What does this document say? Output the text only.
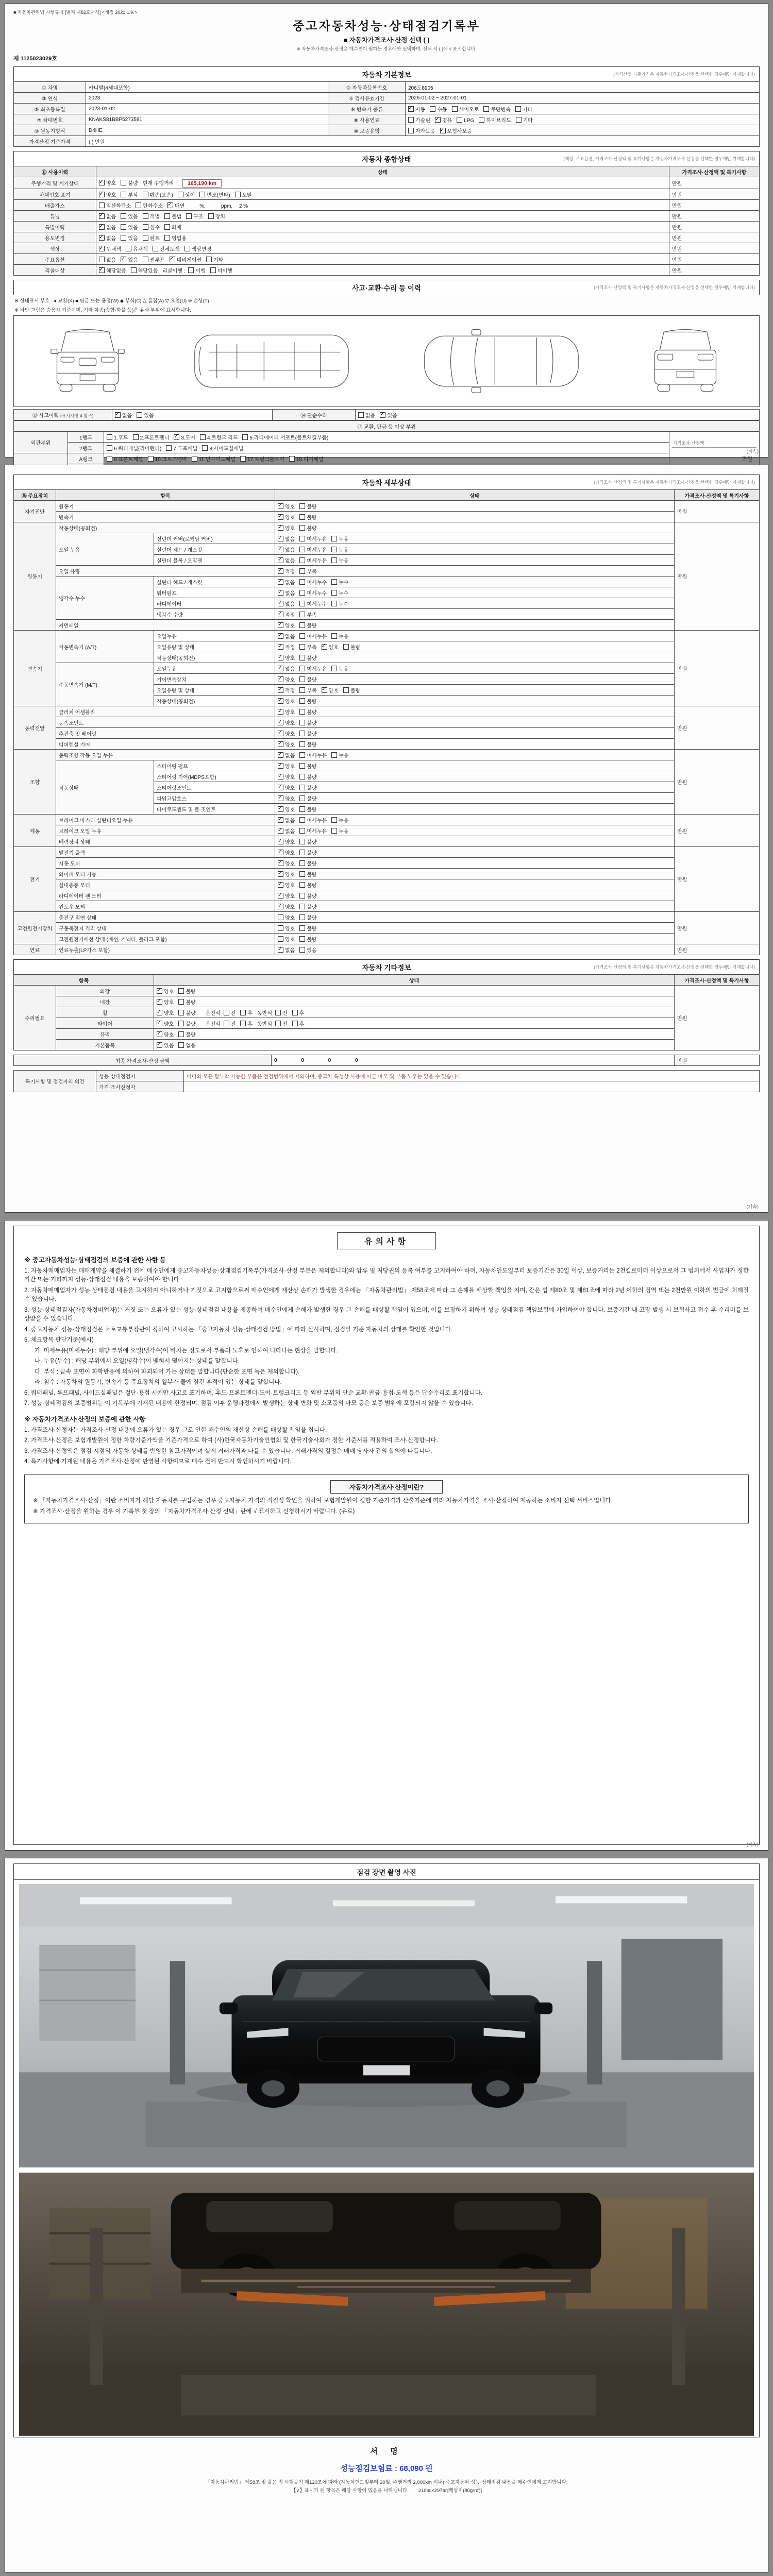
■ 자동차관리법 시행규칙 [별지 제82호서식] <개정 2021.1.9.>
중고자동차성능·상태점검기록부
■ 자동차가격조사·산정 선택 ( )
※ 자동차가격조사·산정은 매수인이 원하는 경우에만 선택하며, 선택 시 ( )에 √ 표시합니다.
제 1125023029호
자동차 기본정보	(가격산정 기준가격은 자동차가격조사·산정을 선택한 경우에만 기재합니다)
① 차명	카니발(4세대포함)	② 자동차등록번호	206도8905
③ 연식	2023	④ 검사유효기간	2026-01-02 ~ 2027-01-01
⑤ 최초등록일	2023-01-02	⑥ 변속기 종류	✓자동 수동 세미오토 무단변속 기타
⑦ 차대번호	KNAKS81BBP5273581	⑧ 사용연료	가솔린 ✓ 경유 LPG 하이브리드 기타
⑨ 원동기형식	D4HE	⑩ 보증유형	자가보증 ✓ 보험사보증
가격산정 기준가격	( ) 만원		
자동차 종합상태	(색상, 주요옵션, 가격조사·산정액 및 특기사항은 자동차가격조사·산정을 선택한 경우에만 기재합니다)
⑪ 사용이력	상태	가격조사·산정액 및 특기사항
주행거리 및 계기상태	✓양호 불량 현재 주행거리 : 165,190 km	만원
차대번호 표기	✓양호 부식 훼손(오손) 상이 변조(변타) 도말	만원
배출가스	일산화탄소 탄화수소 ✓ 매연　　%,　　　ppm,　 2 %	만원
튜닝	✓없음 있음 적법 불법 구조 장치	만원
특별이력	✓없음 있음 침수 화재	만원
용도변경	✓없음 있음 렌트 영업용	만원
색상	✓무채색 유채색 전체도색 색상변경	만원
주요옵션	없음 ✓ 있음 썬루프 ✓ 네비게이션 기타	만원
리콜대상	✓해당없음 해당있음 리콜이행 : 이행 미이행	만원
사고·교환·수리 등 이력	(가격조사·산정액 및 특기사항은 자동차가격조사·산정을 선택한 경우에만 기재합니다)
※ 상태표시 부호 : ● 교환(X) ■ 판금 또는 용접(W) ◆ 부식(C) △ 흠집(A) ▽ 요철(U) ※ 손상(T)
※ 하단 그림은 승용차 기준이며, 기타 차종(승합·화물 등)은 유사 부위에 표시합니다.
⑬ 사고이력 (표시사항 4 참조)	✓없음 있음	⑭ 단순수리	없음 ✓ 있음
⑮ 교환, 판금 등 이상 부위			
외판부위	1랭크	1.후드 2.프론트펜더 ✓ 3.도어 4.트렁크 리드 5.라디에이터 서포트(볼트체결부품)	가격조사·산정액
만원

	2랭크	6.쿼터패널(리어펜더) 7.루프패널 8.사이드실패널	
	A랭크	9.프론트패널 10.크로스멤버 11.인사이드패널 17.트렁크플로어 18.리어패널	

(계속)
자동차 세부상태	(가격조사·산정액 및 특기사항은 자동차가격조사·산정을 선택한 경우에만 기재합니다)
⑯ 주요장치	항목		상태	가격조사·산정액 및 특기사항
자기진단	원동기	✓양호 불량	만원
	변속기	✓양호 불량
원동기	작동상태(공회전)	✓양호 불량	만원
	오일 누유	실린더 커버(로커암 커버)	✓없음 미세누유 누유
		실린더 헤드 / 개스킷	✓없음 미세누유 누유
		실린더 블록 / 오일팬	✓없음 미세누유 누유
	오일 유량	✓적정 부족
	냉각수 누수	실린더 헤드 / 개스킷	✓없음 미세누수 누수
		워터펌프	✓없음 미세누수 누수
		라디에이터	✓없음 미세누수 누수
		냉각수 수량	✓적정 부족
	커먼레일	✓양호 불량
변속기	자동변속기 (A/T)	오일누유	✓없음 미세누유 누유	만원
		오일유량 및 상태	✓적정 부족 ✓ 양호 불량
		작동상태(공회전)	✓양호 불량
	수동변속기 (M/T)	오일누유	✓없음 미세누유 누유
		기어변속장치	✓양호 불량
		오일유량 및 상태	✓적정 부족 ✓ 양호 불량
		작동상태(공회전)	✓양호 불량
동력전달	클러치 어셈블리	✓양호 불량	만원
	등속조인트	✓양호 불량
	추진축 및 베어링	✓양호 불량
	디퍼렌셜 기어	✓양호 불량
조향	동력조향 작동 오일 누유	✓없음 미세누유 누유	만원
	작동상태	스티어링 펌프	✓양호 불량
		스티어링 기어(MDPS포함)	✓양호 불량
		스티어링조인트	✓양호 불량
		파워고압호스	✓양호 불량
		타이로드엔드 및 볼 조인트	✓양호 불량
제동	브레이크 마스터 실린더오일 누유	✓없음 미세누유 누유	만원
	브레이크 오일 누유	✓없음 미세누유 누유
	배력장치 상태	✓양호 불량
전기	발전기 출력	✓양호 불량	만원
	시동 모터	✓양호 불량
	와이퍼 모터 기능	✓양호 불량
	실내송풍 모터	✓양호 불량
	라디에이터 팬 모터	✓양호 불량
	윈도우 모터	✓양호 불량
고전원전기장치	충전구 절연 상태		양호 불량	만원
	구동축전지 격리 상태		양호 불량	
	고전원전기배선 상태 (배선, 커넥터, 플러그 포함)		양호 불량	
연료	연료누출(LP가스 포함)	✓없음 있음	만원
자동차 기타정보	(가격조사·산정액 및 특기사항은 자동차가격조사·산정을 선택한 경우에만 기재합니다)
항목		상태	가격조사·산정액 및 특기사항
수리필요	외장	✓양호 불량	만원
	내장	✓양호 불량
	휠	✓양호 불량 운전석 전 후 동반석 전 후
	타이어	✓양호 불량 운전석 전 후 동반석 전 후
	유리	✓양호 불량
	기본품목	✓있음 없음
최종 가격조사·산정 금액	0 0 0 0	만원
특기사항 및 점검자의 의견	성능·상태점검자	바디외 모든 탈부착 가능한 부품은 점검범위에서 제외하며, 중고차 특성상 사용에 따른 마모 및 부품 노후는 있을 수 있습니다.
	가격·조사산정자	
(계속)
유의사항
※ 중고자동차성능·상태점검의 보증에 관한 사항 등
1. 자동차매매업자는 매매계약을 체결하기 전에 매수인에게 중고자동차성능·상태점검기록부(가격조사·산정 부분은 제외합니다)와 압류 및 저당권의 등록 여부를 고지하여야 하며, 자동차인도일부터 보증기간은 30일 이상, 보증거리는 2천킬로미터 이상으로서 그 범위에서 사업자가 정한 기간 또는 거리까지 성능·상태점검 내용을 보증하여야 합니다.
2. 자동차매매업자가 성능·상태점검 내용을 고지하지 아니하거나 거짓으로 고지함으로써 매수인에게 재산상 손해가 발생한 경우에는 「자동차관리법」 제58조에 따라 그 손해를 배상할 책임을 지며, 같은 법 제80조 및 제81조에 따라 2년 이하의 징역 또는 2천만원 이하의 벌금에 처해질 수 있습니다.
3. 성능·상태점검자(자동차정비업자)는 거짓 또는 오류가 있는 성능·상태점검 내용을 제공하여 매수인에게 손해가 발생한 경우 그 손해를 배상할 책임이 있으며, 이를 보장하기 위하여 성능·상태점검 책임보험에 가입하여야 합니다. 보증기간 내 고장 발생 시 보험사고 접수 후 수리비를 보상받을 수 있습니다.
4. 중고자동차 성능·상태점검은 국토교통부장관이 정하여 고시하는 「중고자동차 성능·상태점검 방법」에 따라 실시하며, 점검일 기준 자동차의 상태를 확인한 것입니다.
5. 체크항목 판단기준(예시)
가. 미세누유(미세누수) : 해당 부위에 오일(냉각수)이 비치는 정도로서 부품의 노후로 인하여 나타나는 현상을 말합니다.
나. 누유(누수) : 해당 부위에서 오일(냉각수)이 맺혀서 떨어지는 상태를 말합니다.
다. 부식 : 금속 표면이 화학반응에 의하여 파괴되어 가는 상태를 말합니다(단순한 표면 녹은 제외합니다).
라. 침수 : 자동차의 원동기, 변속기 등 주요장치의 일부가 물에 잠긴 흔적이 있는 상태를 말합니다.
6. 쿼터패널, 루프패널, 사이드실패널은 절단·용접 시에만 사고로 표기하며, 후드·프론트펜더·도어·트렁크리드 등 외판 부위의 단순 교환·판금·용접·도색 등은 단순수리로 표기합니다.
7. 성능·상태점검의 보증범위는 이 기록부에 기재된 내용에 한정되며, 점검 이후 운행과정에서 발생하는 상태 변화 및 소모품의 마모 등은 보증 범위에 포함되지 않을 수 있습니다.
※ 자동차가격조사·산정의 보증에 관한 사항
1. 가격조사·산정자는 가격조사·산정 내용에 오류가 있는 경우 그로 인한 매수인의 재산상 손해를 배상할 책임을 집니다.
2. 가격조사·산정은 보험개발원이 정한 차량기준가액을 기준가격으로 하여 (사)한국자동차기술인협회 및 한국기술사회가 정한 기준서를 적용하여 조사·산정합니다.
3. 가격조사·산정액은 점검 시점의 자동차 상태를 반영한 참고가격이며 실제 거래가격과 다를 수 있습니다. 거래가격의 결정은 매매 당사자 간의 합의에 따릅니다.
4. 특기사항에 기재된 내용은 가격조사·산정에 반영된 사항이므로 매수 전에 반드시 확인하시기 바랍니다.
자동차가격조사·산정이란?
※ 「자동차가격조사·산정」이란 소비자가 해당 자동차를 구입하는 경우 중고자동차 가격의 적절성 확인을 위하여 보험개발원이 정한 기준가격과 산출기준에 따라 자동차가격을 조사·산정하여 제공하는 소비자 선택 서비스입니다.
※ 가격조사·산정을 원하는 경우 이 기록부 첫 장의 「자동차가격조사·산정 선택」란에 √ 표시하고 신청하시기 바랍니다. (유료)
(계속)
점검 장면 촬영 사진
서 명
성능점검보험료 : 68,090 원
「자동차관리법」 제58조 및 같은 법 시행규칙 제120조에 따라 (자동차인도일부터 30일, 주행거리 2,000km 이내) 중고자동차 성능·상태점검 내용을 매수인에게 고지합니다.
【∨】표시가 된 항목은 해당 사항이 있음을 나타냅니다.　　210㎜×297㎜[백상지(80g/㎡)]
